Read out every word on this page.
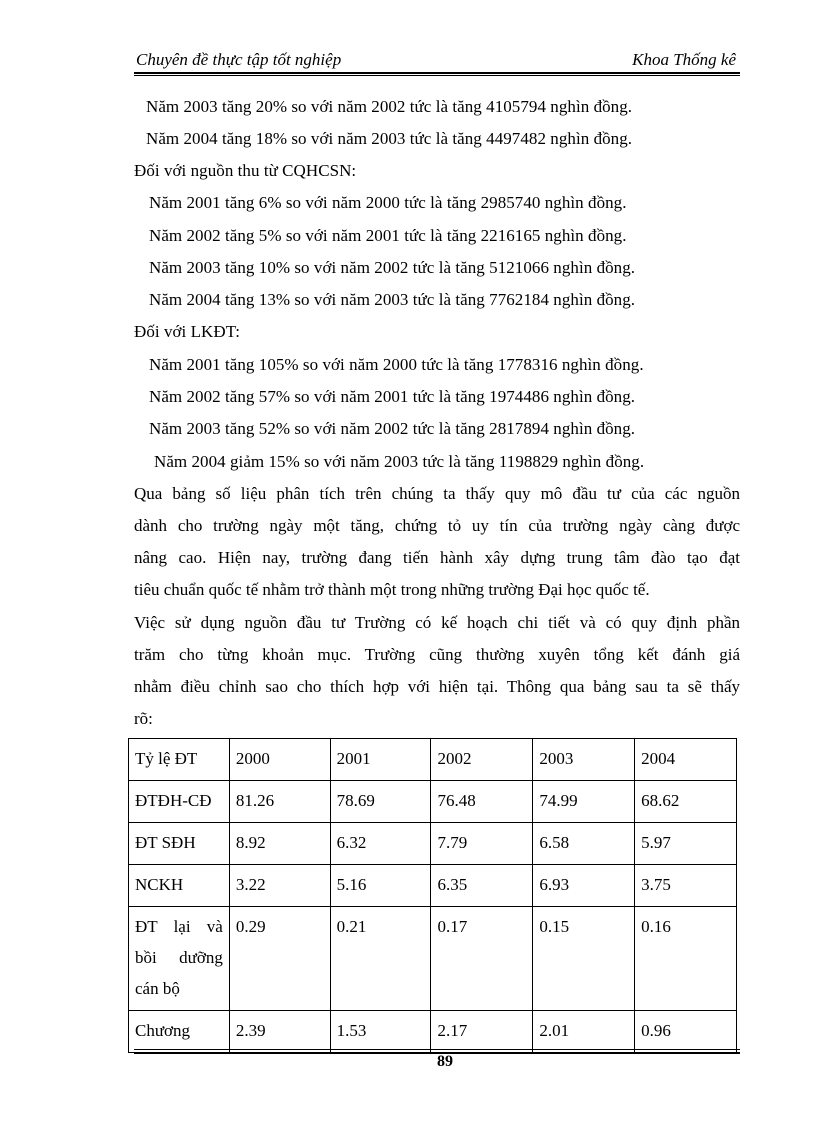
Chuyên đề thực tập tốt nghiệp	Khoa Thống kê
Năm 2003 tăng 20% so với năm 2002 tức là tăng 4105794 nghìn đồng.
Năm 2004 tăng 18% so với năm 2003 tức là tăng 4497482 nghìn đồng.
Đối với nguồn thu từ CQHCSN:
Năm 2001 tăng 6% so với năm 2000 tức là tăng 2985740 nghìn đồng.
Năm 2002 tăng 5% so với năm 2001 tức là tăng 2216165 nghìn đồng.
Năm 2003 tăng 10% so với năm 2002 tức là tăng 5121066 nghìn đồng.
Năm 2004 tăng 13% so với năm 2003 tức là tăng 7762184 nghìn đồng.
Đối với LKĐT:
Năm 2001 tăng 105% so với năm 2000 tức là tăng 1778316 nghìn đồng.
Năm 2002 tăng 57% so với năm 2001 tức là tăng 1974486 nghìn đồng.
Năm 2003 tăng 52% so với năm 2002 tức là tăng 2817894 nghìn đồng.
Năm 2004 giảm 15% so với năm 2003 tức là tăng 1198829 nghìn đồng.
Qua bảng số liệu phân tích trên chúng ta thấy quy mô đầu tư của các nguồn
dành cho trường ngày một tăng, chứng tỏ uy tín của trường ngày càng được
nâng cao. Hiện nay, trường đang tiến hành xây dựng trung tâm đào tạo đạt
tiêu chuẩn quốc tế nhằm trở thành một trong những trường Đại học quốc tế.
Việc sử dụng nguồn đầu tư Trường có kế hoạch chi tiết và có quy định phần
trăm cho từng khoản mục. Trường cũng thường xuyên tổng kết đánh giá
nhằm điều chỉnh sao cho thích hợp với hiện tại. Thông qua bảng sau ta sẽ thấy
rõ:
Tỷ lệ ĐT	2000	2001	2002	2003	2004
ĐTĐH-CĐ	81.26	78.69	76.48	74.99	68.62
ĐT SĐH	8.92	6.32	7.79	6.58	5.97
NCKH	3.22	5.16	6.35	6.93	3.75

ĐT lại và
bồi dưỡng
cán bộ	0.29	0.21	0.17	0.15	0.16
Chương	2.39	1.53	2.17	2.01	0.96
89
